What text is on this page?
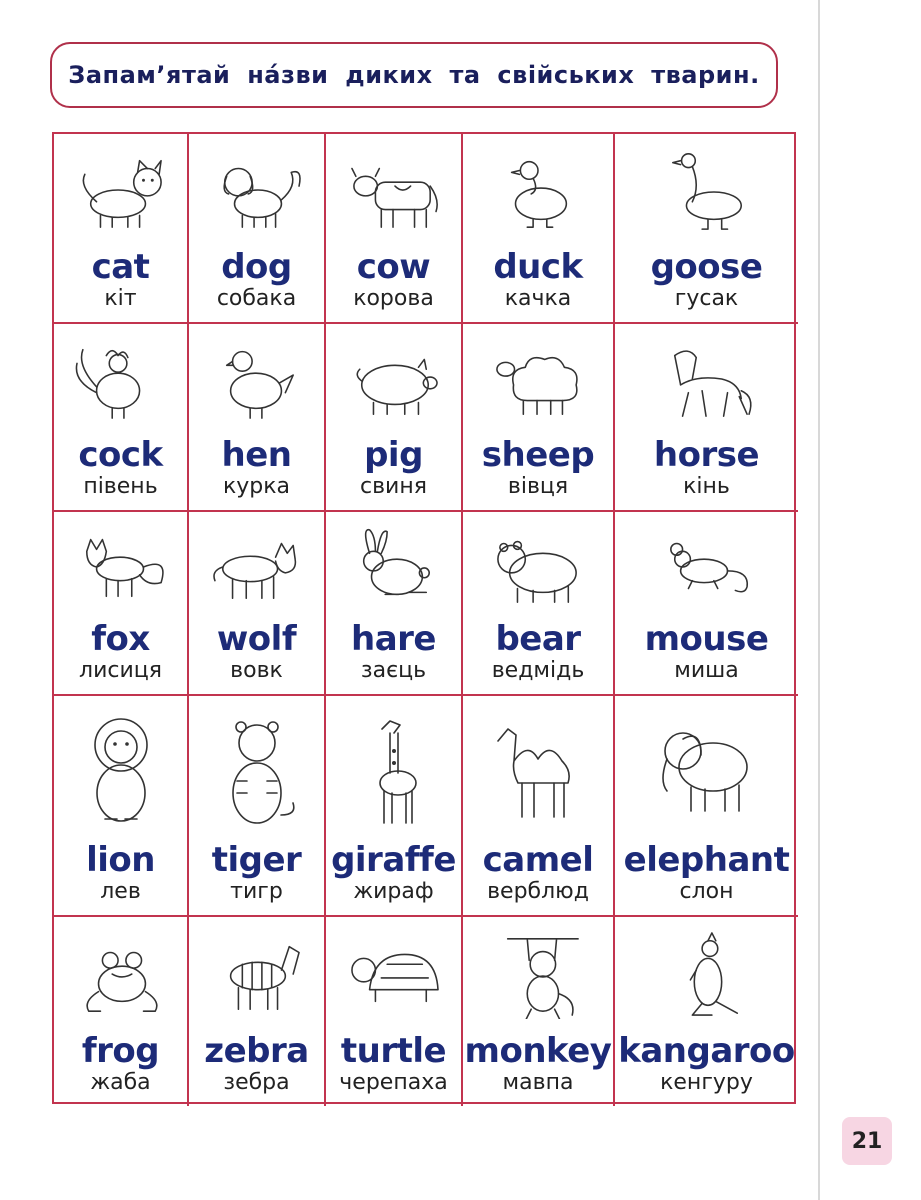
Запам’ятай на́зви диких та свійських тварин.
cat
кіт
dog
собака
cow
корова
duck
качка
goose
гусак
cock
півень
hen
курка
pig
свиня
sheep
вівця
horse
кінь
fox
лисиця
wolf
вовк
hare
заєць
bear
ведмідь
mouse
миша
lion
лев
tiger
тигр
giraffe
жираф
camel
верблюд
elephant
слон
frog
жаба
zebra
зебра
turtle
черепаха
monkey
мавпа
kangaroo
кенгуру
21
